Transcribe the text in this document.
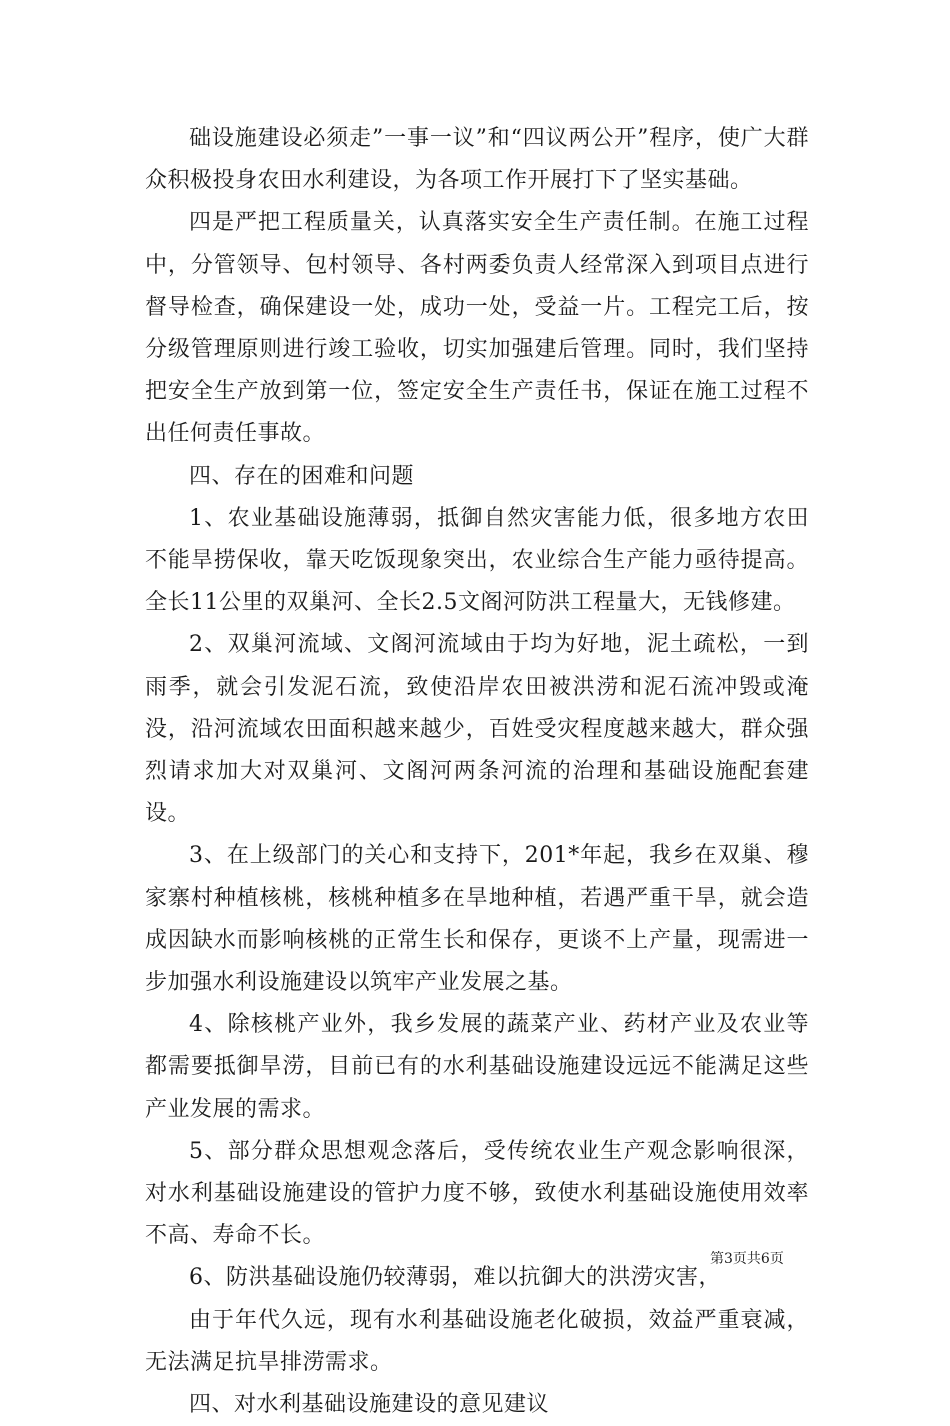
础设施建设必须走”一事一议”和“四议两公开”程序，使广大群众积极投身农田水利建设，为各项工作开展打下了坚实基础。

四是严把工程质量关，认真落实安全生产责任制。在施工过程中，分管领导、包村领导、各村两委负责人经常深入到项目点进行督导检查，确保建设一处，成功一处，受益一片。工程完工后，按分级管理原则进行竣工验收，切实加强建后管理。同时，我们坚持把安全生产放到第一位，签定安全生产责任书，保证在施工过程不出任何责任事故。

四、存在的困难和问题

1、农业基础设施薄弱，抵御自然灾害能力低，很多地方农田不能旱捞保收，靠天吃饭现象突出，农业综合生产能力亟待提高。全长11公里的双巢河、全长2.5文阁河防洪工程量大，无钱修建。

2、双巢河流域、文阁河流域由于均为好地，泥土疏松，一到雨季，就会引发泥石流，致使沿岸农田被洪涝和泥石流冲毁或淹没，沿河流域农田面积越来越少，百姓受灾程度越来越大，群众强烈请求加大对双巢河、文阁河两条河流的治理和基础设施配套建设。

3、在上级部门的关心和支持下，201*年起，我乡在双巢、穆家寨村种植核桃，核桃种植多在旱地种植，若遇严重干旱，就会造成因缺水而影响核桃的正常生长和保存，更谈不上产量，现需进一步加强水利设施建设以筑牢产业发展之基。

4、除核桃产业外，我乡发展的蔬菜产业、药材产业及农业等都需要抵御旱涝，目前已有的水利基础设施建设远远不能满足这些产业发展的需求。

5、部分群众思想观念落后，受传统农业生产观念影响很深，对水利基础设施建设的管护力度不够，致使水利基础设施使用效率不高、寿命不长。

6、防洪基础设施仍较薄弱，难以抗御大的洪涝灾害，

由于年代久远，现有水利基础设施老化破损，效益严重衰减，无法满足抗旱排涝需求。

四、对水利基础设施建设的意见建议

第3页共6页
